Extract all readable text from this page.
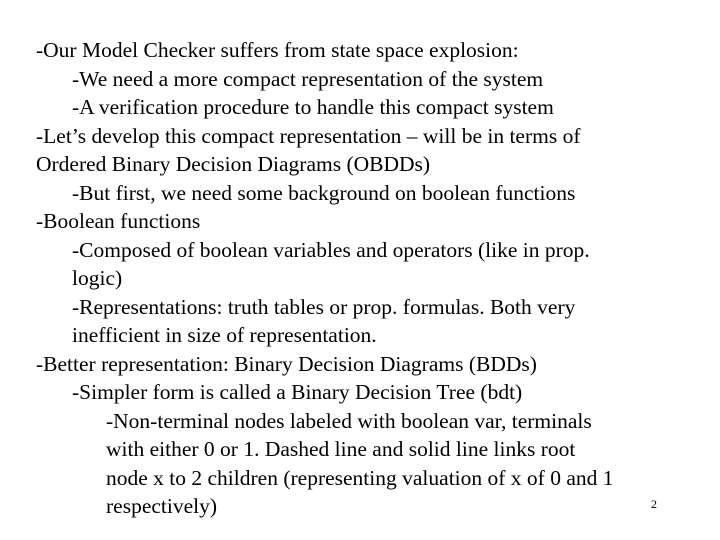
-Our Model Checker suffers from state space explosion:
-We need a more compact representation of the system
-A verification procedure to handle this compact system
-Let’s develop this compact representation – will be in terms of
Ordered Binary Decision Diagrams (OBDDs)
-But first, we need some background on boolean functions
-Boolean functions
-Composed of boolean variables and operators (like in prop.
logic)
-Representations: truth tables or prop. formulas. Both very
inefficient in size of representation.
-Better representation: Binary Decision Diagrams (BDDs)
-Simpler form is called a Binary Decision Tree (bdt)
-Non-terminal nodes labeled with boolean var, terminals
with either 0 or 1. Dashed line and solid line links root
node x to 2 children (representing valuation of x of 0 and 1
respectively)	2
